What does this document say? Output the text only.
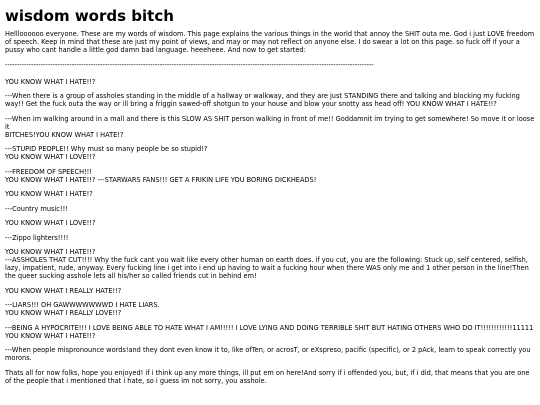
wisdom words bitch

Hellloooooo everyone. These are my words of wisdom. This page explains the various things in the world that annoy the SHIT outa me. God i just LOVE freedom of speech. Keep in mind that these are just my point of views, and may or may not reflect on anyone else. I do swear a lot on this page. so fuck off if your a pussy who cant handle a little god damn bad language. heeeheee. And now to get started:

-----------------------------------------------------------------------------------------------------------------------------------------------------------

YOU KNOW WHAT I HATE!!?

---When there is a group of assholes standing in the middle of a hallway or walkway, and they are just STANDING there and talking and blocking my fucking way!! Get the fuck outa the way or ill bring a friggin sawed-off shotgun to your house and blow your snotty ass head off! YOU KNOW WHAT I HATE!!?

---When im walking around in a mall and there is this SLOW AS SHIT person walking in front of me!! Goddamnit im trying to get somewhere! So move it or loose it
BITCHES!YOU KNOW WHAT I HATE!?

---STUPID PEOPLE!! Why must so many people be so stupid!?
YOU KNOW WHAT I LOVE!!?

---FREEDOM OF SPEECH!!!
YOU KNOW WHAT I HATE!!? ---STARWARS FANS!!! GET A FRIKIN LIFE YOU BORING DICKHEADS!

YOU KNOW WHAT I HATE!?

---Country music!!!

YOU KNOW WHAT I LOVE!!?

---Zippo lighters!!!!

YOU KNOW WHAT I HATE!!?
---ASSHOLES THAT CUT!!!! Why the fuck cant you wait like every other human on earth does. if you cut, you are the following: Stuck up, self centered, selfish, lazy, impatient, rude, anyway. Every fucking line i get into i end up having to wait a fucking hour when there WAS only me and 1 other person in the line!Then the queer sucking asshole lets all his/her so called friends cut in behind em!

YOU KNOW WHAT I REALLY HATE!!?

---LIARS!!! OH GAWWWWWWWD I HATE LIARS.
YOU KNOW WHAT I REALLY LOVE!!?

---BEING A HYPOCRITE!!! I LOVE BEING ABLE TO HATE WHAT I AM!!!!! I LOVE LYING AND DOING TERRIBLE SHIT BUT HATING OTHERS WHO DO IT!!!!!!!!!!!!11111 YOU KNOW WHAT I HATE!!?

---When people mispronounce words!and they dont even know it to, like ofTen, or acrosT, or eXspreso, pacific (specific), or 2 pAck, learn to speak correctly you morons.

Thats all for now folks, hope you enjoyed! if i think up any more things, ill put em on here!And sorry if i offended you, but, if i did, that means that you are one of the people that i mentioned that i hate, so i guess im not sorry, you asshole.
